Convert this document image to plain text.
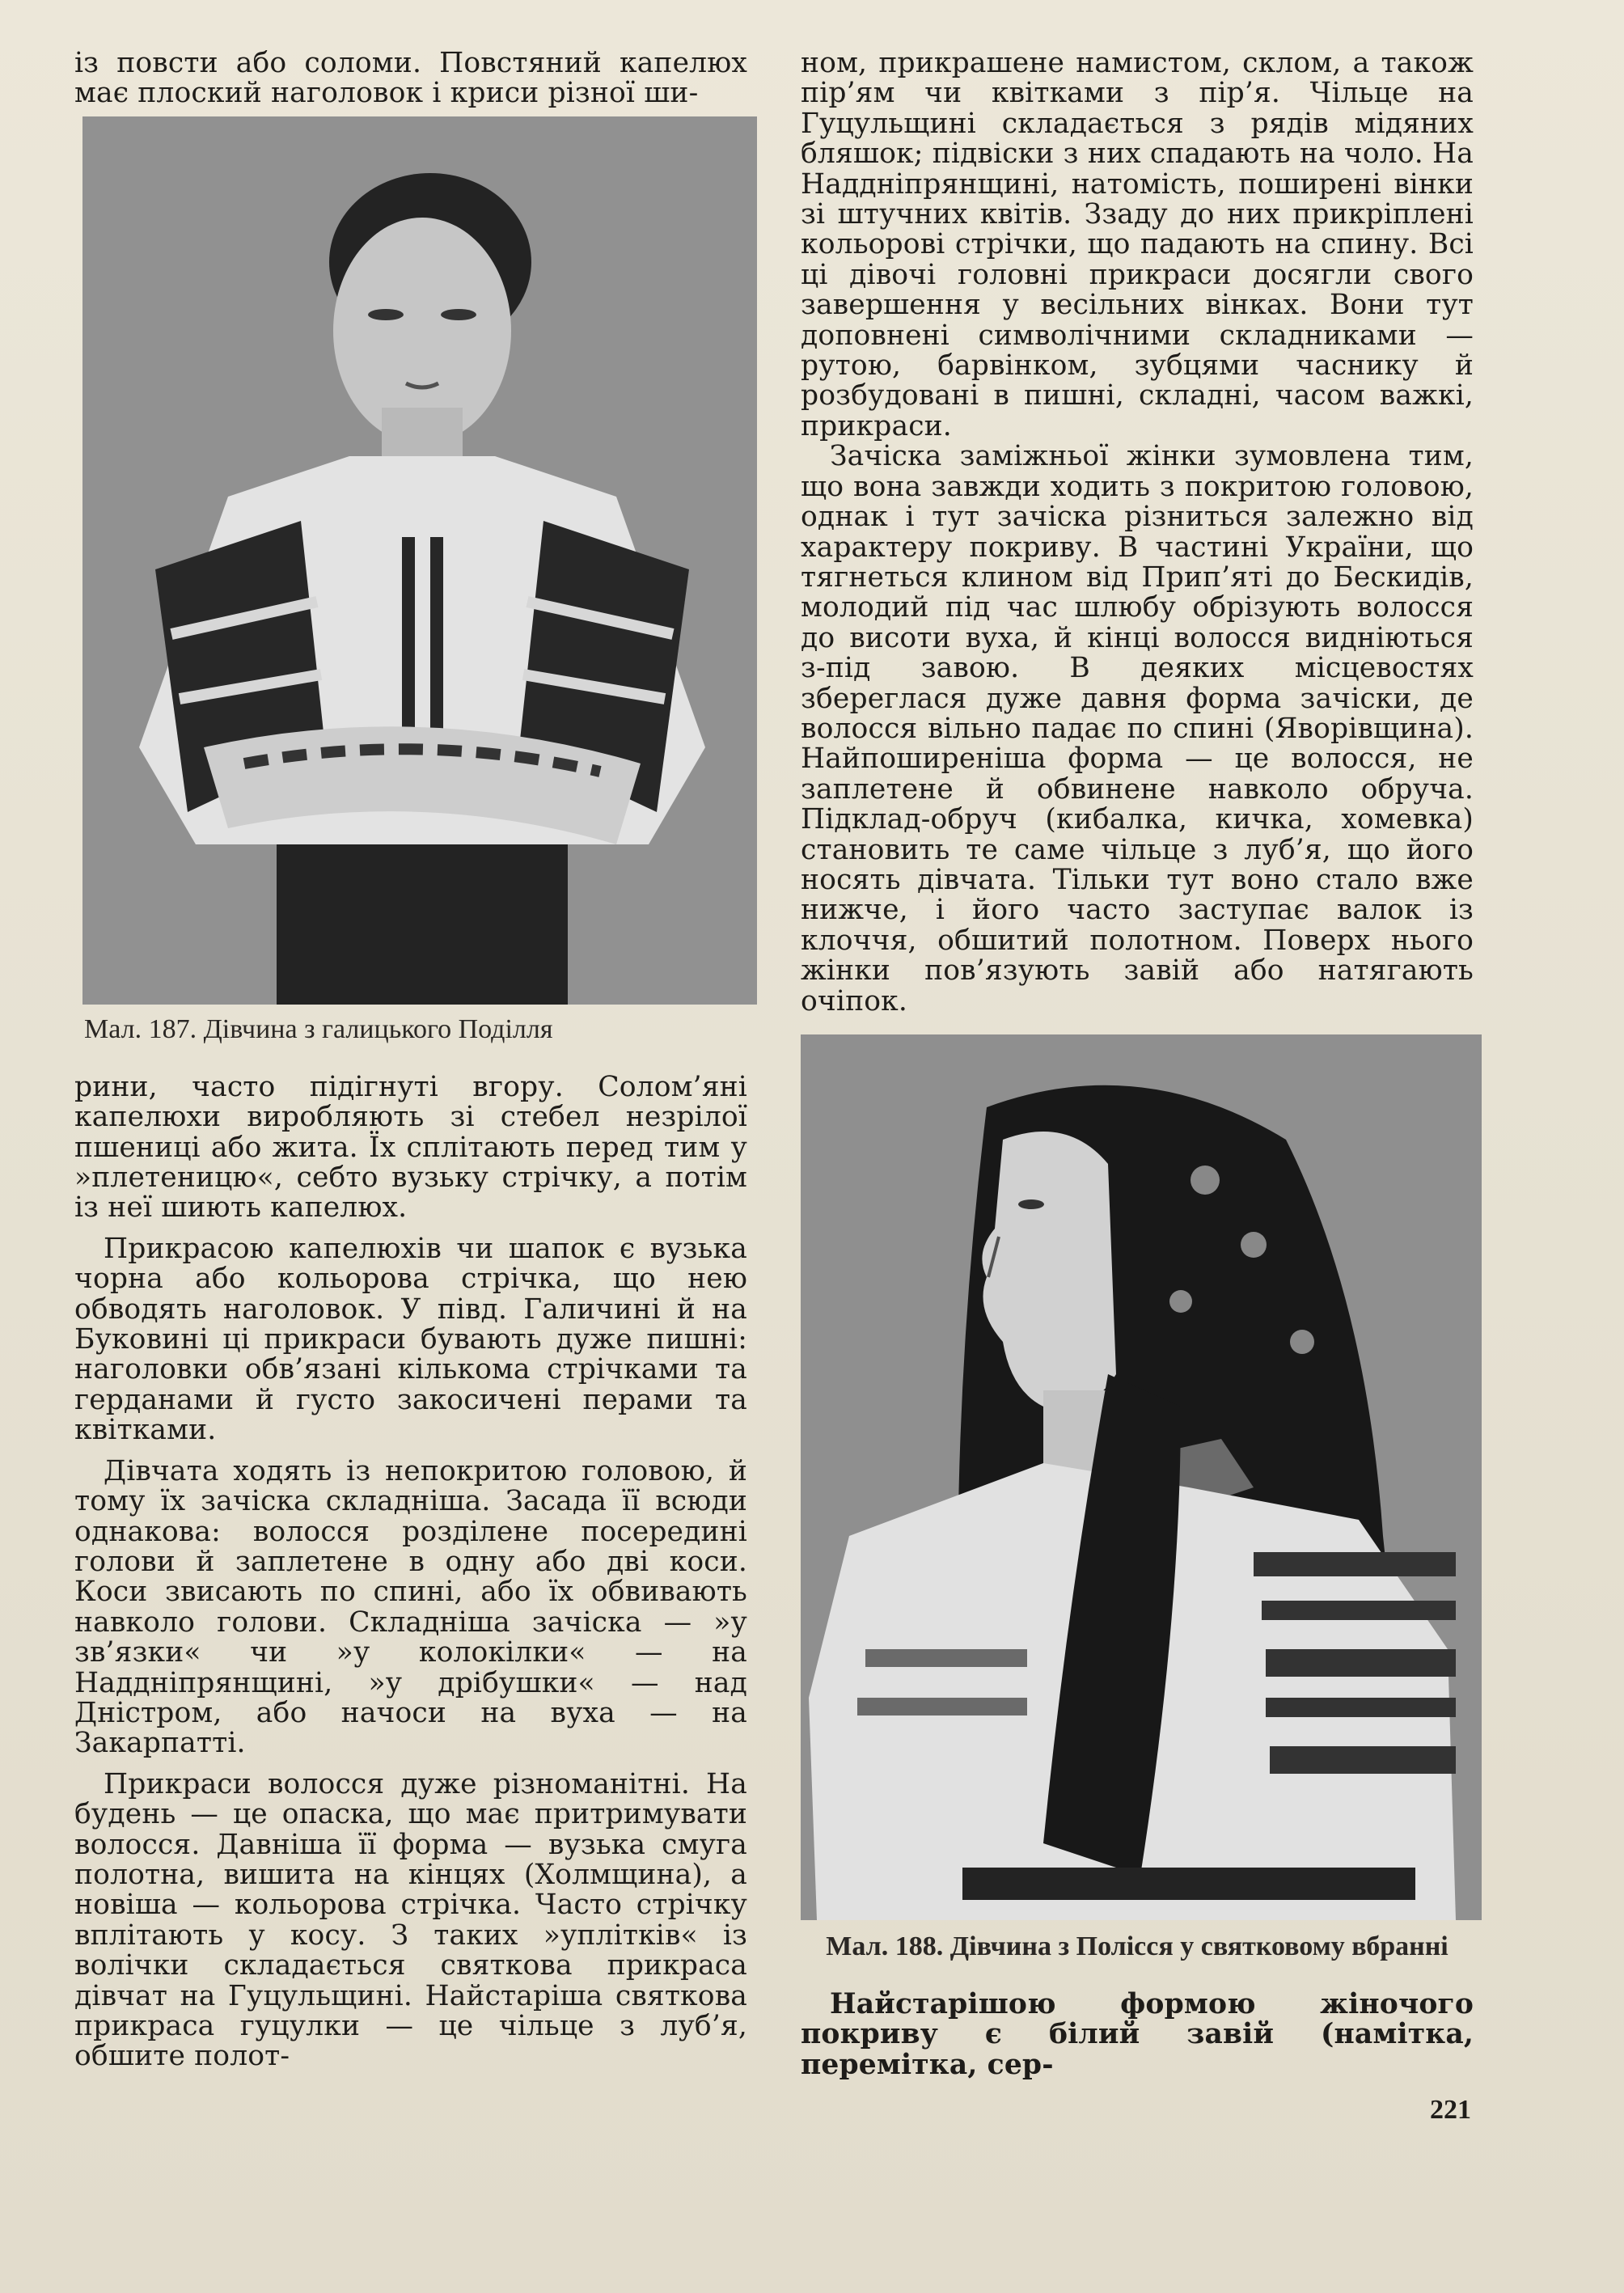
із повсти або соломи. Повстяний капелюх має плоский наголовок і криси різної ши-

Мал. 187. Дівчина з галицького Поділля

рини, часто підігнуті вгору. Солом’яні капелюхи виробляють зі стебел незрілої пшениці або жита. Їх сплітають перед тим у »плетеницю«, себто вузьку стрічку, а потім із неї шиють капелюх.

Прикрасою капелюхів чи шапок є вузька чорна або кольорова стрічка, що нею обводять наголовок. У півд. Галичині й на Буковині ці прикраси бувають дуже пишні: наголовки обв’язані кількома стрічками та герданами й густо закосичені перами та квітками.

Дівчата ходять із непокритою головою, й тому їх зачіска складніша. Засада її всюди однакова: волосся розділене посередині голови й заплетене в одну або дві коси. Коси звисають по спині, або їх обвивають навколо голови. Складніша зачіска — »у зв’язки« чи »у колокілки« — на Наддніпрянщині, »у дрібушки« — над Дністром, або начоси на вуха — на Закарпатті.

Прикраси волосся дуже різноманітні. На будень — це опаска, що має притримувати волосся. Давніша її форма — вузька смуга полотна, вишита на кінцях (Холмщина), а новіша — кольорова стрічка. Часто стрічку вплітають у косу. З таких »уплітків« із волічки складається святкова прикраса дівчат на Гуцульщині. Найстаріша святкова прикраса гуцулки — це чільце з луб’я, обшите полот-

ном, прикрашене намистом, склом, а також пір’ям чи квітками з пір’я. Чільце на Гуцульщині складається з рядів мідяних бляшок; підвіски з них спадають на чоло. На Наддніпрянщині, натомість, поширені вінки зі штучних квітів. Ззаду до них прикріплені кольорові стрічки, що падають на спину. Всі ці дівочі головні прикраси досягли свого завершення у весільних вінках. Вони тут доповнені символічними складниками — рутою, барвінком, зубцями часнику й розбудовані в пишні, складні, часом важкі, прикраси.

Зачіска заміжньої жінки зумовлена тим, що вона завжди ходить з покритою головою, однак і тут зачіска різниться залежно від характеру покриву. В частині України, що тягнеться клином від Прип’яті до Бескидів, молодий під час шлюбу обрізують волосся до висоти вуха, й кінці волосся видніються з-під завою. В деяких місцевостях збереглася дуже давня форма зачіски, де волосся вільно падає по спині (Яворівщина). Найпоширеніша форма — це волосся, не заплетене й обвинене навколо обруча. Підклад-обруч (кибалка, кичка, хомевка) становить те саме чільце з луб’я, що його носять дівчата. Тільки тут воно стало вже нижче, і його часто заступає валок із клоччя, обшитий полотном. Поверх нього жінки пов’язують завій або натягають очіпок.

Мал. 188. Дівчина з Полісся у святковому вбранні

Найстарішою формою жіночого покриву є білий завій (намітка, перемітка, сер-

221
